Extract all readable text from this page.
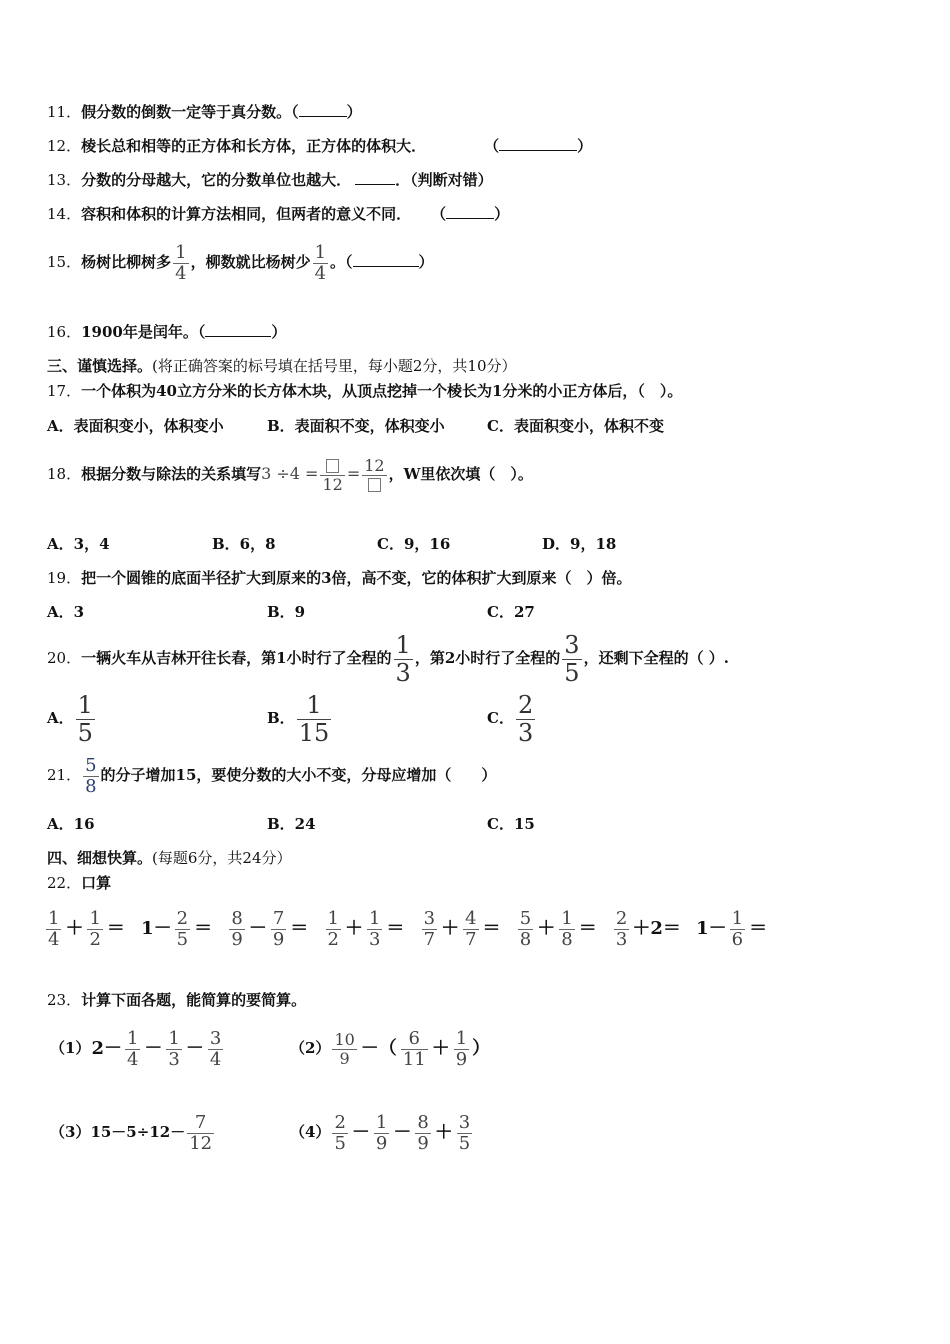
11．假分数的倒数一定等于真分数。（	）
12．棱长总和相等的正方体和长方体，正方体的体积大．	（	）
13．分数的分母越大，它的分数单位也越大．	．（判断对错）
14．容积和体积的计算方法相同，但两者的意义不同． （	）
15．杨树比柳树多 $\frac{1}{4}$ ，柳数就比杨树少 $\frac{1}{4}$ 。（	）
16．1900年是闰年。（	）
三、谨慎选择。(将正确答案的标号填在括号里，每小题2分，共10分）
17．一个体积为40立方分米的长方体木块，从顶点挖掉一个棱长为1分米的小正方体后，（　）。
A．表面积变小，体积变小	B．表面积不变，体积变小	C．表面积变小，体积不变
18．根据分数与除法的关系填写3 ÷4 =
12
= 12 ，W里依次填（　）。
A．3，4	B．6，8	C．9，16	D．9，18
19．把一个圆锥的底面半径扩大到原来的3倍，高不变，它的体积扩大到原来（　）倍。
A．3	B．9	C．27
20．一辆火车从吉林开往长春，第1小时行了全程的 $\frac{1}{3}$ ，第2小时行了全程的 $\frac{3}{5}$ ，还剩下全程的（ ）.
A． $\frac{1}{5}$	B． $\frac{1}{15}$	C． $\frac{2}{3}$
21． $\frac{5}{8}$ 的分子增加15，要使分数的大小不变，分母应增加（　　）
A．16	B．24	C．15
四、细想快算。(每题6分，共24分）
22．口算
$\frac{1}{4} + \frac{1}{2} = 1- \frac{2}{5} = \frac{8}{9} - \frac{7}{9} = \frac{1}{2} + \frac{1}{3} = \frac{3}{7} + \frac{4}{7} = \frac{5}{8} + \frac{1}{8} = \frac{2}{3} +2= 1- \frac{1}{6}$ ＝
23．计算下面各题，能简算的要简算。
$(1)2- \frac{1}{4} - \frac{1}{3} - \frac{3}{4}$	$(2) \frac{10}{9}$ －（ $\frac{6}{11} + \frac{1}{9}$ ）
$(3)15-5\div 12- \frac{7}{12}$	$(4) \frac{2}{5} - \frac{1}{9} - \frac{8}{9} + \frac{3}{5}$
